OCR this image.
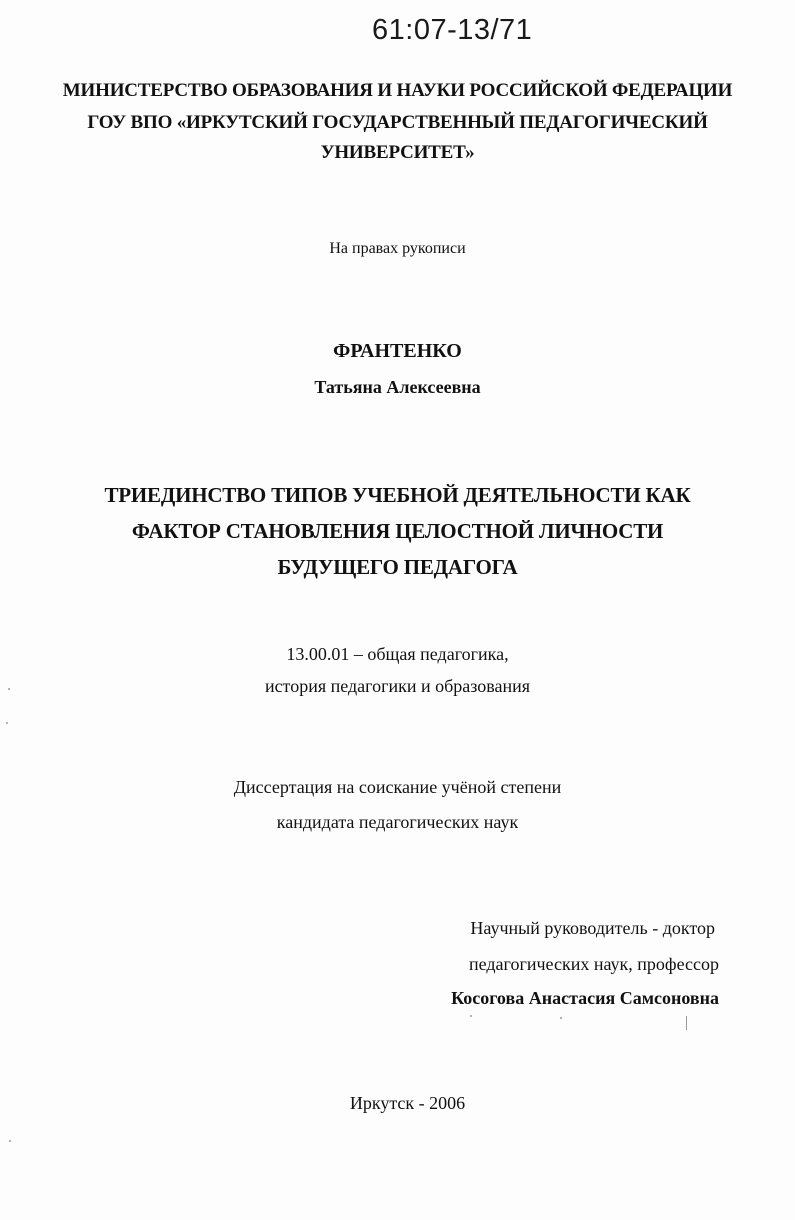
61:07-13/71
МИНИСТЕРСТВО ОБРАЗОВАНИЯ И НАУКИ РОССИЙСКОЙ ФЕДЕРАЦИИ
ГОУ ВПО «ИРКУТСКИЙ ГОСУДАРСТВЕННЫЙ ПЕДАГОГИЧЕСКИЙ
УНИВЕРСИТЕТ»
На правах рукописи
ФРАНТЕНКО
Татьяна Алексеевна
ТРИЕДИНСТВО ТИПОВ УЧЕБНОЙ ДЕЯТЕЛЬНОСТИ КАК
ФАКТОР СТАНОВЛЕНИЯ ЦЕЛОСТНОЙ ЛИЧНОСТИ
БУДУЩЕГО ПЕДАГОГА
13.00.01 – общая педагогика,
история педагогики и образования
Диссертация на соискание учёной степени
кандидата педагогических наук
Научный руководитель - доктор
педагогических наук, профессор
Косогова Анастасия Самсоновна
Иркутск - 2006
